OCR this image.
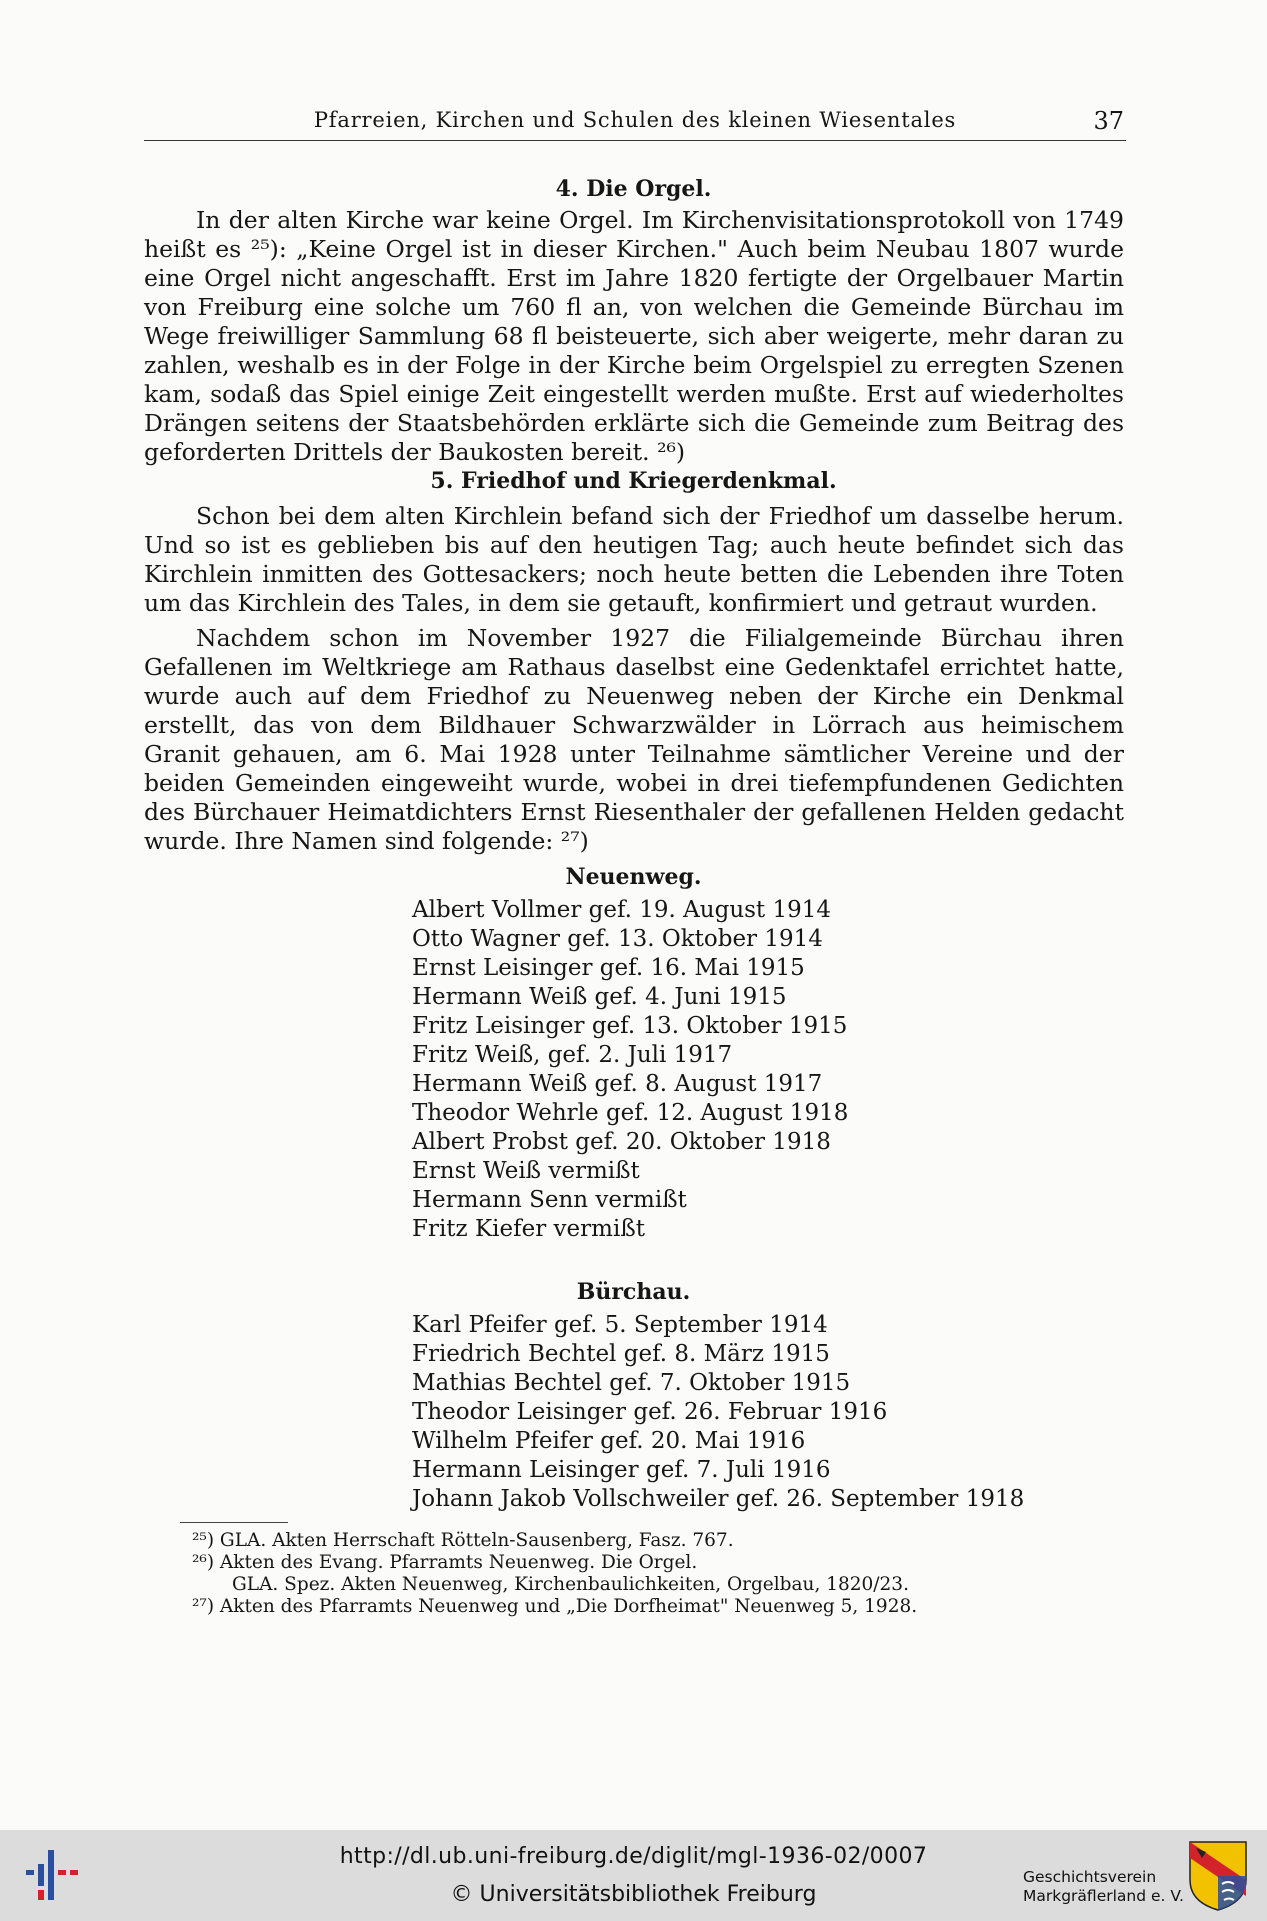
Pfarreien, Kirchen und Schulen des kleinen Wiesentales	37
4. Die Orgel.

In der alten Kirche war keine Orgel. Im Kirchenvisitationsprotokoll von 1749 heißt es ²⁵): „Keine Orgel ist in dieser Kirchen." Auch beim Neubau 1807 wurde eine Orgel nicht angeschafft. Erst im Jahre 1820 fertigte der Orgelbauer Martin von Freiburg eine solche um 760 fl an, von welchen die Gemeinde Bürchau im Wege freiwilliger Sammlung 68 fl beisteuerte, sich aber weigerte, mehr daran zu zahlen, weshalb es in der Folge in der Kirche beim Orgelspiel zu erregten Szenen kam, sodaß das Spiel einige Zeit eingestellt werden mußte. Erst auf wiederholtes Drängen seitens der Staatsbehörden erklärte sich die Gemeinde zum Beitrag des geforderten Drittels der Baukosten bereit. ²⁶)

5. Friedhof und Kriegerdenkmal.

Schon bei dem alten Kirchlein befand sich der Friedhof um dasselbe herum. Und so ist es geblieben bis auf den heutigen Tag; auch heute befindet sich das Kirchlein inmitten des Gottesackers; noch heute betten die Lebenden ihre Toten um das Kirchlein des Tales, in dem sie getauft, konfirmiert und getraut wurden.

Nachdem schon im November 1927 die Filialgemeinde Bürchau ihren Gefallenen im Weltkriege am Rathaus daselbst eine Gedenktafel errichtet hatte, wurde auch auf dem Friedhof zu Neuenweg neben der Kirche ein Denkmal erstellt, das von dem Bildhauer Schwarzwälder in Lörrach aus heimischem Granit gehauen, am 6. Mai 1928 unter Teilnahme sämtlicher Vereine und der beiden Gemeinden eingeweiht wurde, wobei in drei tiefempfundenen Gedichten des Bürchauer Heimatdichters Ernst Riesenthaler der gefallenen Helden gedacht wurde. Ihre Namen sind folgende: ²⁷)

Neuenweg.
Albert Vollmer gef. 19. August 1914
Otto Wagner gef. 13. Oktober 1914
Ernst Leisinger gef. 16. Mai 1915
Hermann Weiß gef. 4. Juni 1915
Fritz Leisinger gef. 13. Oktober 1915
Fritz Weiß, gef. 2. Juli 1917
Hermann Weiß gef. 8. August 1917
Theodor Wehrle gef. 12. August 1918
Albert Probst gef. 20. Oktober 1918
Ernst Weiß vermißt
Hermann Senn vermißt
Fritz Kiefer vermißt
Bürchau.
Karl Pfeifer gef. 5. September 1914
Friedrich Bechtel gef. 8. März 1915
Mathias Bechtel gef. 7. Oktober 1915
Theodor Leisinger gef. 26. Februar 1916
Wilhelm Pfeifer gef. 20. Mai 1916
Hermann Leisinger gef. 7. Juli 1916
Johann Jakob Vollschweiler gef. 26. September 1918
²⁵) GLA. Akten Herrschaft Rötteln-Sausenberg, Fasz. 767.
²⁶) Akten des Evang. Pfarramts Neuenweg. Die Orgel.
GLA. Spez. Akten Neuenweg, Kirchenbaulichkeiten, Orgelbau, 1820/23.
²⁷) Akten des Pfarramts Neuenweg und „Die Dorfheimat" Neuenweg 5, 1928.
http://dl.ub.uni-freiburg.de/diglit/mgl-1936-02/0007
© Universitätsbibliothek Freiburg
Geschichtsverein
Markgräflerland e. V.
